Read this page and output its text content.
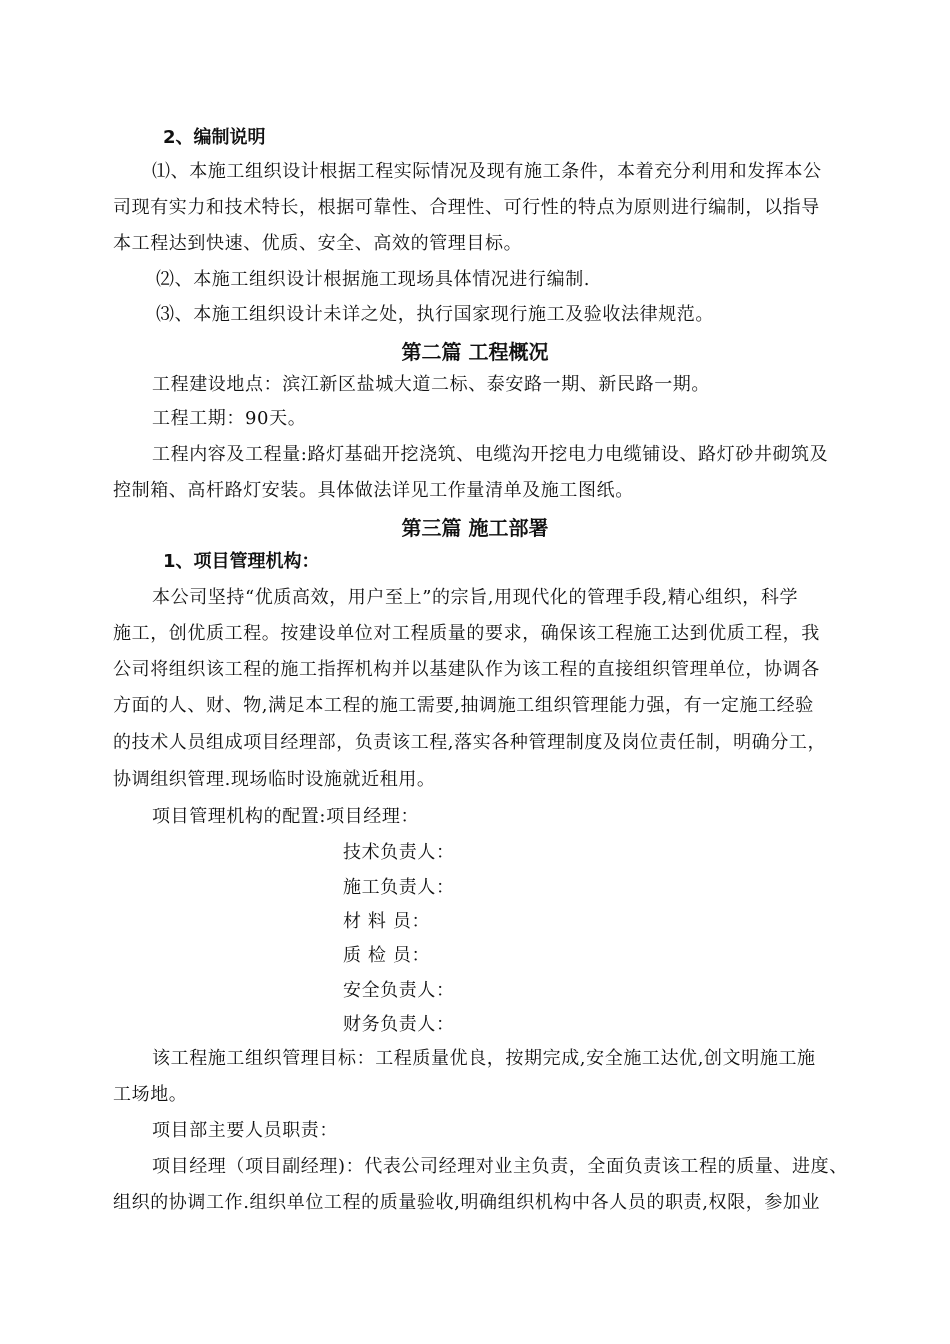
2、编制说明
⑴、本施工组织设计根据工程实际情况及现有施工条件，本着充分利用和发挥本公
司现有实力和技术特长，根据可靠性、合理性、可行性的特点为原则进行编制，以指导
本工程达到快速、优质、安全、高效的管理目标。
⑵、本施工组织设计根据施工现场具体情况进行编制.
⑶、本施工组织设计未详之处，执行国家现行施工及验收法律规范。
第二篇 工程概况
工程建设地点：滨江新区盐城大道二标、泰安路一期、新民路一期。
工程工期：90天。
工程内容及工程量:路灯基础开挖浇筑、电缆沟开挖电力电缆铺设、路灯砂井砌筑及
控制箱、高杆路灯安装。具体做法详见工作量清单及施工图纸。
第三篇 施工部署
1、项目管理机构：
本公司坚持“优质高效，用户至上”的宗旨,用现代化的管理手段,精心组织，科学
施工，创优质工程。按建设单位对工程质量的要求，确保该工程施工达到优质工程，我
公司将组织该工程的施工指挥机构并以基建队作为该工程的直接组织管理单位，协调各
方面的人、财、物,满足本工程的施工需要,抽调施工组织管理能力强，有一定施工经验
的技术人员组成项目经理部，负责该工程,落实各种管理制度及岗位责任制，明确分工，
协调组织管理.现场临时设施就近租用。
项目管理机构的配置:项目经理：
技术负责人：
施工负责人：
材 料 员：
质 检 员：
安全负责人：
财务负责人：
该工程施工组织管理目标：工程质量优良，按期完成,安全施工达优,创文明施工施
工场地。
项目部主要人员职责：
项目经理（项目副经理)：代表公司经理对业主负责，全面负责该工程的质量、进度、
组织的协调工作.组织单位工程的质量验收,明确组织机构中各人员的职责,权限，参加业
